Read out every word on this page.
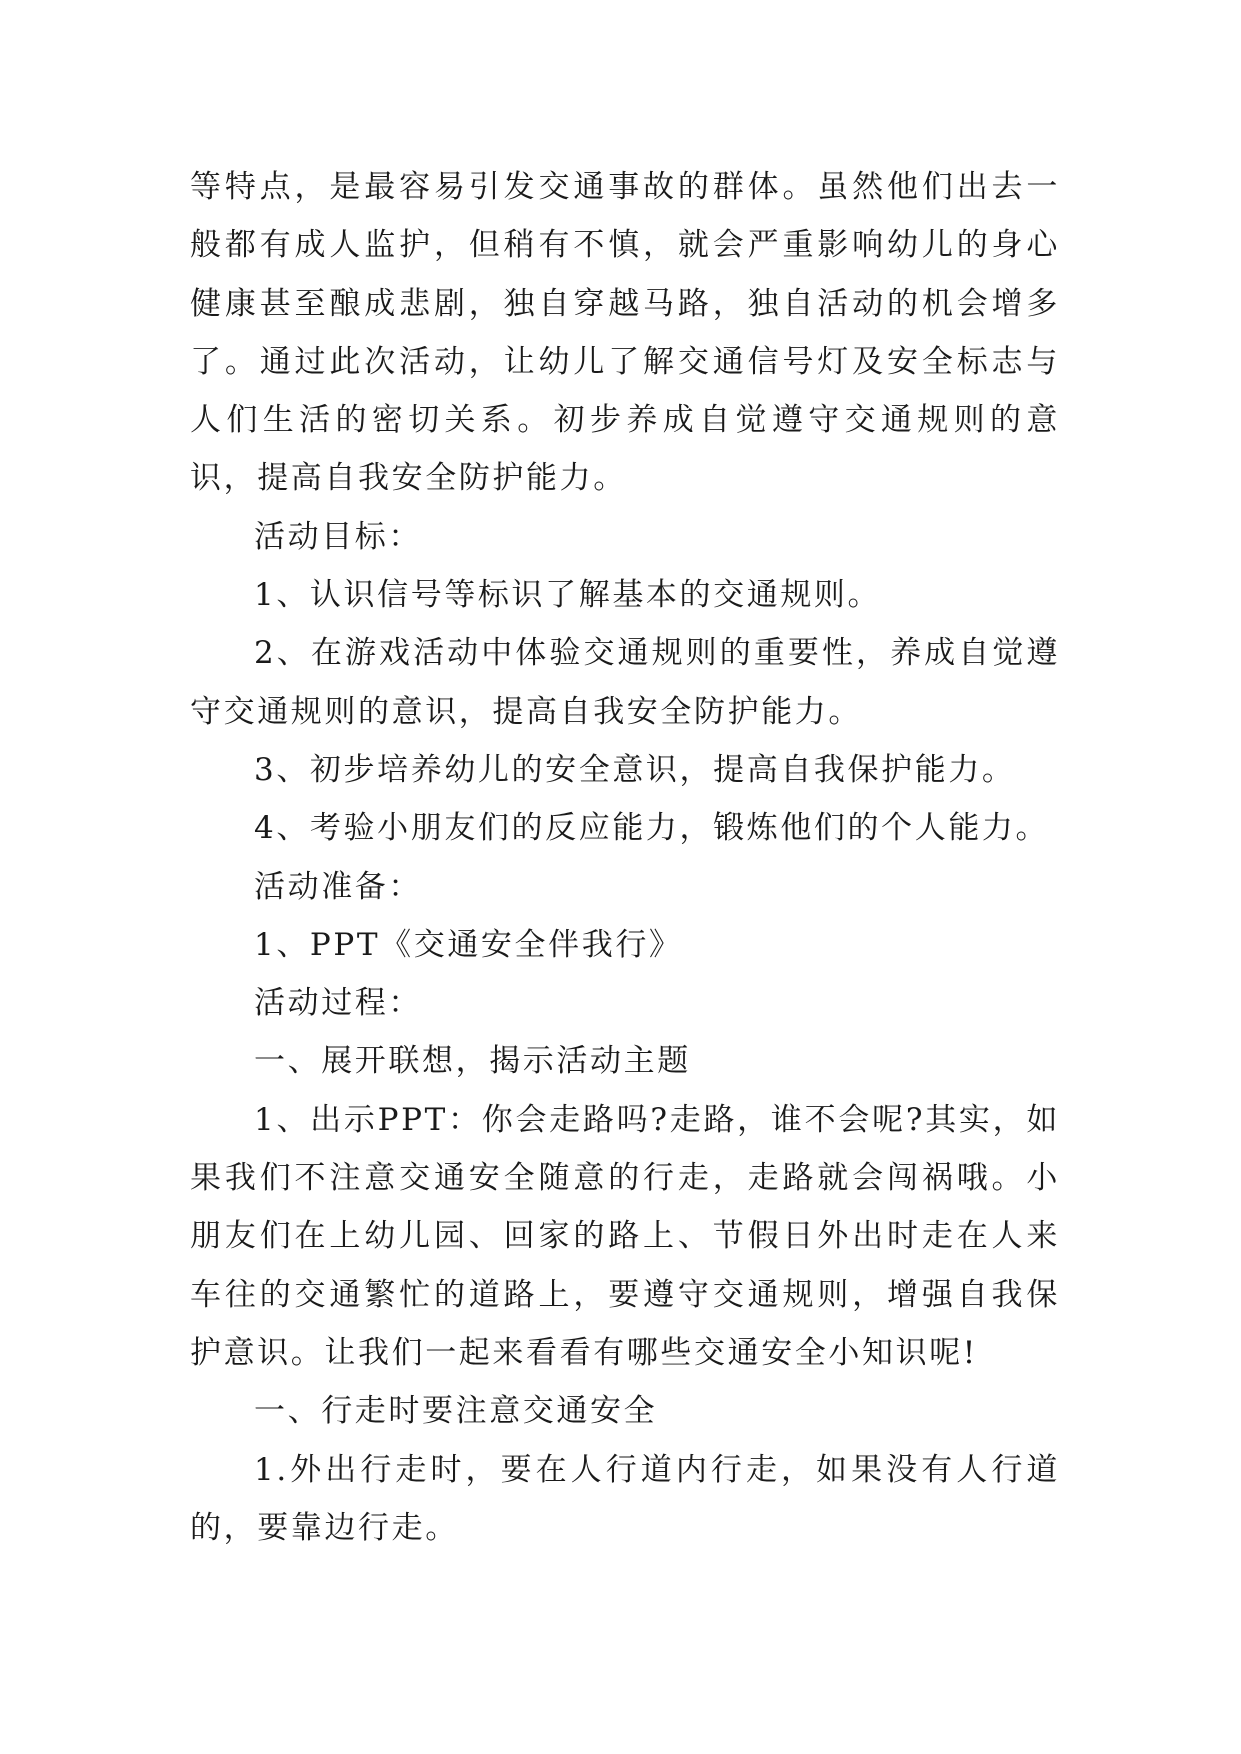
等特点，是最容易引发交通事故的群体。虽然他们出去一般都有成人监护，但稍有不慎，就会严重影响幼儿的身心健康甚至酿成悲剧，独自穿越马路，独自活动的机会增多了。通过此次活动，让幼儿了解交通信号灯及安全标志与人们生活的密切关系。初步养成自觉遵守交通规则的意识，提高自我安全防护能力。

活动目标：

1、认识信号等标识了解基本的交通规则。

2、在游戏活动中体验交通规则的重要性，养成自觉遵守交通规则的意识，提高自我安全防护能力。

3、初步培养幼儿的安全意识，提高自我保护能力。

4、考验小朋友们的反应能力，锻炼他们的个人能力。

活动准备：

1、PPT《交通安全伴我行》

活动过程：

一、展开联想，揭示活动主题

1、出示PPT：你会走路吗?走路，谁不会呢?其实，如果我们不注意交通安全随意的行走，走路就会闯祸哦。小朋友们在上幼儿园、回家的路上、节假日外出时走在人来车往的交通繁忙的道路上，要遵守交通规则，增强自我保护意识。让我们一起来看看有哪些交通安全小知识呢!

一、行走时要注意交通安全

1.外出行走时，要在人行道内行走，如果没有人行道的，要靠边行走。
